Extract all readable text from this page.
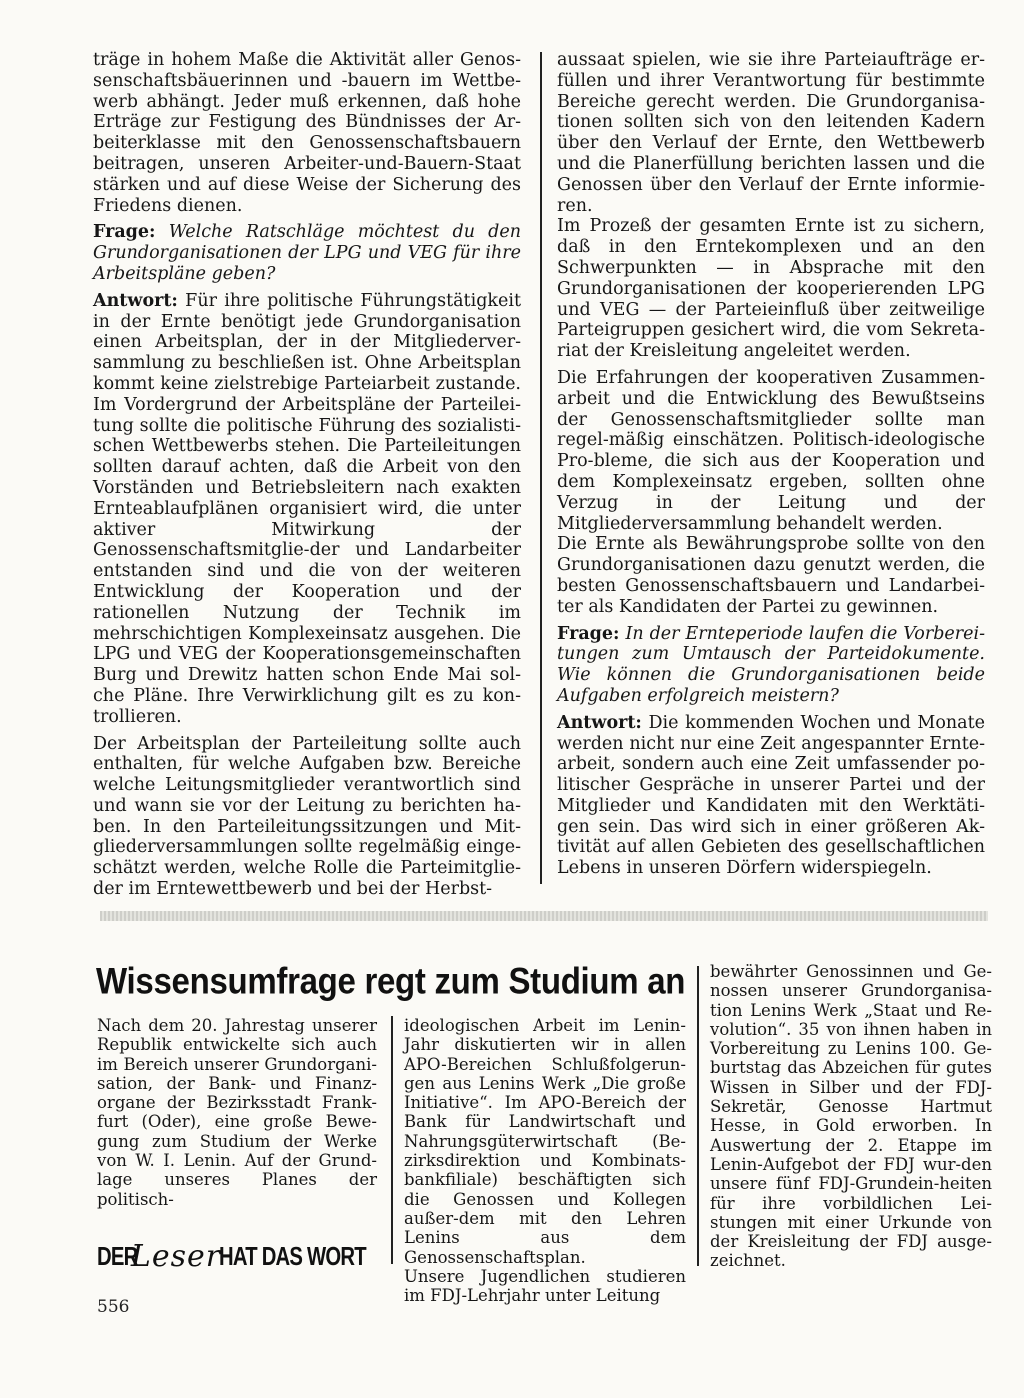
träge in hohem Maße die Aktivität aller Genos-senschaftsbäuerinnen und -bauern im Wettbe-werb abhängt. Jeder muß erkennen, daß hohe Erträge zur Festigung des Bündnisses der Ar-beiterklasse mit den Genossenschaftsbauern beitragen, unseren Arbeiter-und-Bauern-Staat stärken und auf diese Weise der Sicherung des Friedens dienen.

Frage: Welche Ratschläge möchtest du den Grundorganisationen der LPG und VEG für ihre Arbeitspläne geben?

Antwort: Für ihre politische Führungstätigkeit in der Ernte benötigt jede Grundorganisation einen Arbeitsplan, der in der Mitgliederver-sammlung zu beschließen ist. Ohne Arbeitsplan kommt keine zielstrebige Parteiarbeit zustande. Im Vordergrund der Arbeitspläne der Parteilei-tung sollte die politische Führung des sozialisti-schen Wettbewerbs stehen. Die Parteileitungen sollten darauf achten, daß die Arbeit von den Vorständen und Betriebsleitern nach exakten Ernteablaufplänen organisiert wird, die unter aktiver Mitwirkung der Genossenschaftsmitglie-der und Landarbeiter entstanden sind und die von der weiteren Entwicklung der Kooperation und der rationellen Nutzung der Technik im mehrschichtigen Komplexeinsatz ausgehen. Die LPG und VEG der Kooperationsgemeinschaften Burg und Drewitz hatten schon Ende Mai sol-che Pläne. Ihre Verwirklichung gilt es zu kon-trollieren.

Der Arbeitsplan der Parteileitung sollte auch enthalten, für welche Aufgaben bzw. Bereiche welche Leitungsmitglieder verantwortlich sind und wann sie vor der Leitung zu berichten ha-ben. In den Parteileitungssitzungen und Mit-gliederversammlungen sollte regelmäßig einge-schätzt werden, welche Rolle die Parteimitglie-der im Erntewettbewerb und bei der Herbst-

aussaat spielen, wie sie ihre Parteiaufträge er-füllen und ihrer Verantwortung für bestimmte Bereiche gerecht werden. Die Grundorganisa-tionen sollten sich von den leitenden Kadern über den Verlauf der Ernte, den Wettbewerb und die Planerfüllung berichten lassen und die Genossen über den Verlauf der Ernte informie-ren.

Im Prozeß der gesamten Ernte ist zu sichern, daß in den Erntekomplexen und an den Schwerpunkten — in Absprache mit den Grundorganisationen der kooperierenden LPG und VEG — der Parteieinfluß über zeitweilige Parteigruppen gesichert wird, die vom Sekreta-riat der Kreisleitung angeleitet werden.

Die Erfahrungen der kooperativen Zusammen-arbeit und die Entwicklung des Bewußtseins der Genossenschaftsmitglieder sollte man regel-mäßig einschätzen. Politisch-ideologische Pro-bleme, die sich aus der Kooperation und dem Komplexeinsatz ergeben, sollten ohne Verzug in der Leitung und der Mitgliederversammlung behandelt werden.

Die Ernte als Bewährungsprobe sollte von den Grundorganisationen dazu genutzt werden, die besten Genossenschaftsbauern und Landarbei-ter als Kandidaten der Partei zu gewinnen.

Frage: In der Ernteperiode laufen die Vorberei-tungen zum Umtausch der Parteidokumente. Wie können die Grundorganisationen beide Aufgaben erfolgreich meistern?

Antwort: Die kommenden Wochen und Monate werden nicht nur eine Zeit angespannter Ernte-arbeit, sondern auch eine Zeit umfassender po-litischer Gespräche in unserer Partei und der Mitglieder und Kandidaten mit den Werktäti-gen sein. Das wird sich in einer größeren Ak-tivität auf allen Gebieten des gesellschaftlichen Lebens in unseren Dörfern widerspiegeln.

Wissensumfrage regt zum Studium an

Nach dem 20. Jahrestag unserer Republik entwickelte sich auch im Bereich unserer Grundorgani-sation, der Bank- und Finanz-organe der Bezirksstadt Frank-furt (Oder), eine große Bewe-gung zum Studium der Werke von W. I. Lenin. Auf der Grund-lage unseres Planes der politisch-

ideologischen Arbeit im Lenin-Jahr diskutierten wir in allen APO-Bereichen Schlußfolgerun-gen aus Lenins Werk „Die große Initiative“. Im APO-Bereich der Bank für Landwirtschaft und Nahrungsgüterwirtschaft (Be-zirksdirektion und Kombinats-bankfiliale) beschäftigten sich die Genossen und Kollegen außer-dem mit den Lehren Lenins aus dem Genossenschaftsplan.

Unsere Jugendlichen studieren im FDJ-Lehrjahr unter Leitung

bewährter Genossinnen und Ge-nossen unserer Grundorganisa-tion Lenins Werk „Staat und Re-volution“. 35 von ihnen haben in Vorbereitung zu Lenins 100. Ge-burtstag das Abzeichen für gutes Wissen in Silber und der FDJ-Sekretär, Genosse Hartmut Hesse, in Gold erworben. In Auswertung der 2. Etappe im Lenin-Aufgebot der FDJ wur-den unsere fünf FDJ-Grundein-heiten für ihre vorbildlichen Lei-stungen mit einer Urkunde von der Kreisleitung der FDJ ausge-zeichnet.

DER
Leser
HAT DAS WORT
556
